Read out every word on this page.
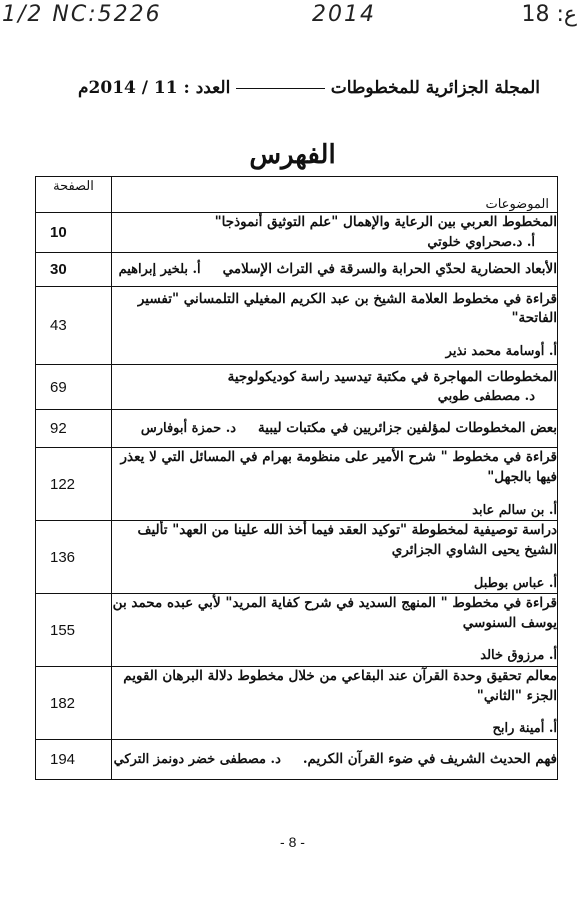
1/2 NC:5226	2014	ع: 18
المجلة الجزائرية للمخطوطات
العدد : 11 / 2014م
الفهرس
الموضوعات	الصفحة
المخطوط العربي بين الرعاية والإهمال "علم التوثيق أنموذجا"أ. د.صحراوي خلوتي	10
الأبعاد الحضارية لحدّي الحرابة والسرقة في التراث الإسلاميأ. بلخير إبراهيم	30
قراءة في مخطوط العلامة الشيخ بن عبد الكريم المغيلي التلمساني "تفسير الفاتحة"
أ. أوسامة محمد نذير	43
المخطوطات المهاجرة في مكتبة تيدسيد راسة كوديكولوجيةد. مصطفى طوبي	69
بعض المخطوطات لمؤلفين جزائريين في مكتبات ليبيةد. حمزة أبوفارس	92
قراءة في مخطوط " شرح الأمير على منظومة بهرام في المسائل التي لا يعذر فيها بالجهل"
أ. بن سالم عابد	122
دراسة توصيفية لمخطوطة "توكيد العقد فيما أخذ الله علينا من العهد" تأليف الشيخ يحيى الشاوي الجزائري
أ. عباس بوطبل	136
قراءة في مخطوط " المنهج السديد في شرح كفاية المريد" لأبي عبده محمد بن يوسف السنوسي
أ. مرزوق خالد	155
معالم تحقيق وحدة القرآن عند البقاعي من خلال مخطوط دلالة البرهان القويم الجزء "الثاني"
أ. أمينة رابح	182
فهم الحديث الشريف في ضوء القرآن الكريم.د. مصطفى خضر دونمز التركي	194
- 8 -
